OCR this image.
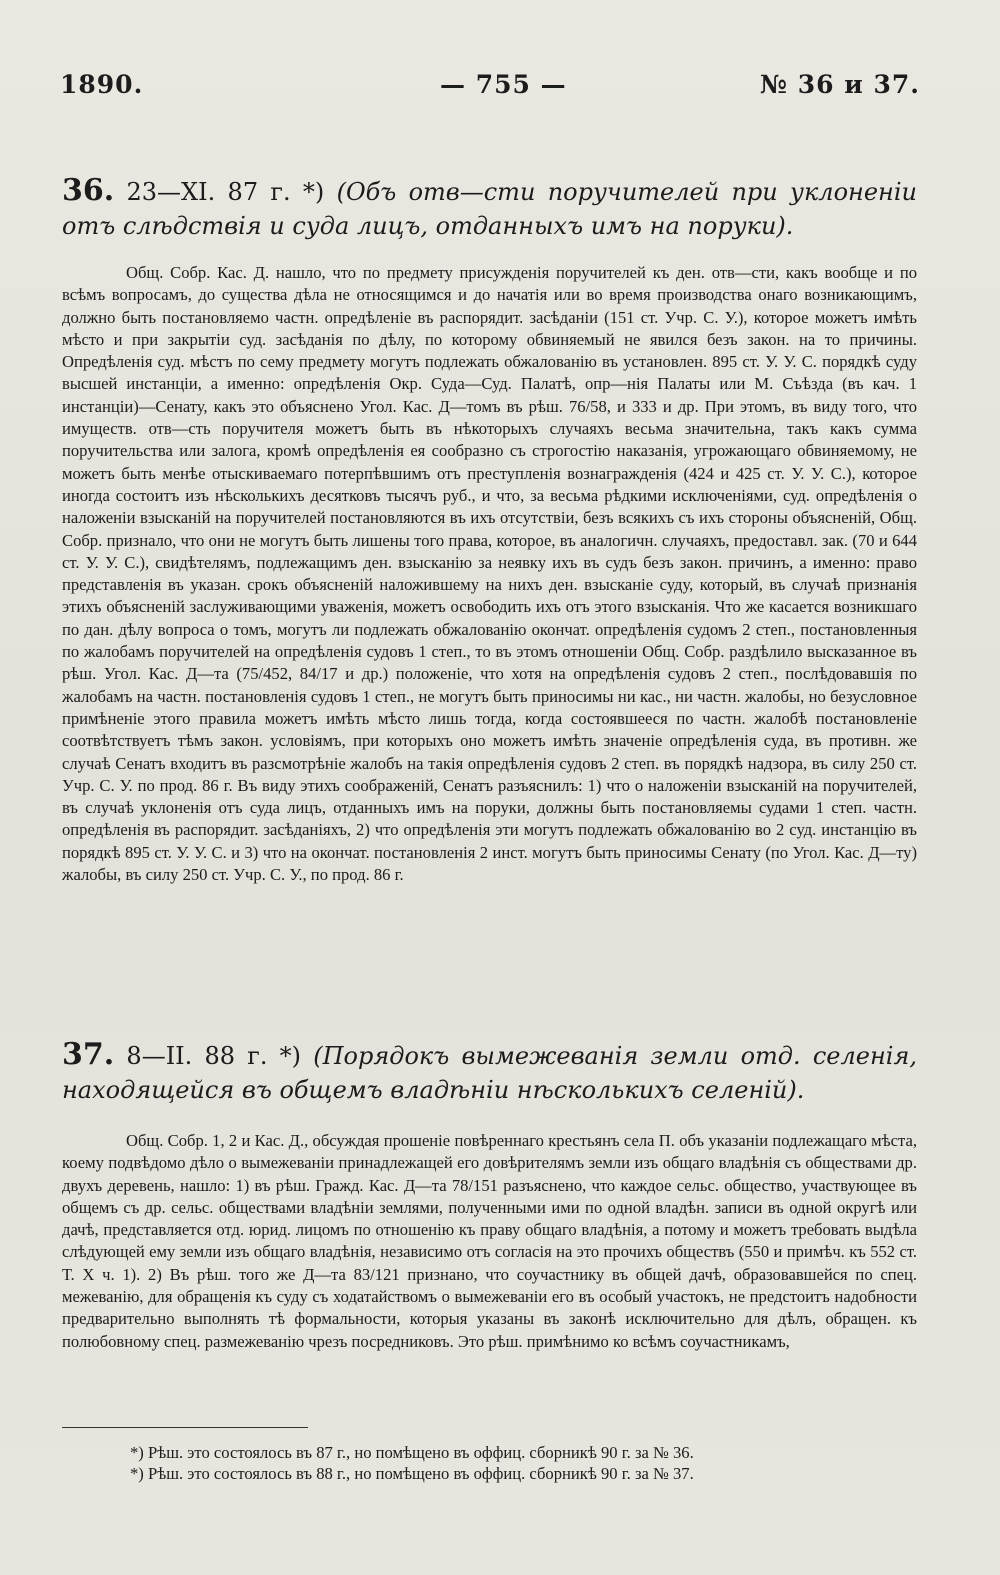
1890.	— 755 —	№ 36 и 37.
36. 23—XI. 87 г. *) (Объ отв—сти поручителей при уклоненіи отъ слѣдствія и суда лицъ, отданныхъ имъ на поруки).

Общ. Собр. Кас. Д. нашло, что по предмету присужденія поручителей къ ден. отв—сти, какъ вообще и по всѣмъ вопросамъ, до существа дѣла не относящимся и до начатія или во время производства онаго возникающимъ, должно быть постановляемо частн. опредѣленіе въ распорядит. засѣданіи (151 ст. Учр. С. У.), которое можетъ имѣть мѣсто и при закрытіи суд. засѣданія по дѣлу, по которому обвиняемый не явился безъ закон. на то причины. Опредѣленія суд. мѣстъ по сему предмету могутъ подлежать обжалованію въ установлен. 895 ст. У. У. С. порядкѣ суду высшей инстанціи, а именно: опредѣленія Окр. Суда—Суд. Палатѣ, опр—нія Палаты или М. Съѣзда (въ кач. 1 инстанціи)—Сенату, какъ это объяснено Угол. Кас. Д—томъ въ рѣш. 76/58, и 333 и др. При этомъ, въ виду того, что имуществ. отв—сть поручителя можетъ быть въ нѣкоторыхъ случаяхъ весьма значительна, такъ какъ сумма поручительства или залога, кромѣ опредѣленія ея сообразно съ строгостію наказанія, угрожающаго обвиняемому, не можетъ быть менѣе отыскиваемаго потерпѣвшимъ отъ преступленія вознагражденія (424 и 425 ст. У. У. С.), которое иногда состоитъ изъ нѣсколькихъ десятковъ тысячъ руб., и что, за весьма рѣдкими исключеніями, суд. опредѣленія о наложеніи взысканій на поручителей постановляются въ ихъ отсутствіи, безъ всякихъ съ ихъ стороны объясненій, Общ. Собр. признало, что они не могутъ быть лишены того права, которое, въ аналогичн. случаяхъ, предоставл. зак. (70 и 644 ст. У. У. С.), свидѣтелямъ, подлежащимъ ден. взысканію за неявку ихъ въ судъ безъ закон. причинъ, а именно: право представленія въ указан. срокъ объясненій наложившему на нихъ ден. взысканіе суду, который, въ случаѣ признанія этихъ объясненій заслуживающими уваженія, можетъ освободить ихъ отъ этого взысканія. Что же касается возникшаго по дан. дѣлу вопроса о томъ, могутъ ли подлежать обжалованію окончат. опредѣленія судомъ 2 степ., постановленныя по жалобамъ поручителей на опредѣленія судовъ 1 степ., то въ этомъ отношеніи Общ. Собр. раздѣлило высказанное въ рѣш. Угол. Кас. Д—та (75/452, 84/17 и др.) положеніе, что хотя на опредѣленія судовъ 2 степ., послѣдовавшія по жалобамъ на частн. постановленія судовъ 1 степ., не могутъ быть приносимы ни кас., ни частн. жалобы, но безусловное примѣненіе этого правила можетъ имѣть мѣсто лишь тогда, когда состоявшееся по частн. жалобѣ постановленіе соотвѣтствуетъ тѣмъ закон. условіямъ, при которыхъ оно можетъ имѣть значеніе опредѣленія суда, въ противн. же случаѣ Сенатъ входитъ въ разсмотрѣніе жалобъ на такія опредѣленія судовъ 2 степ. въ порядкѣ надзора, въ силу 250 ст. Учр. С. У. по прод. 86 г. Въ виду этихъ соображеній, Сенатъ разъяснилъ: 1) что о наложеніи взысканій на поручителей, въ случаѣ уклоненія отъ суда лицъ, отданныхъ имъ на поруки, должны быть постановляемы судами 1 степ. частн. опредѣленія въ распорядит. засѣданіяхъ, 2) что опредѣленія эти могутъ подлежать обжалованію во 2 суд. инстанцію въ порядкѣ 895 ст. У. У. С. и 3) что на окончат. постановленія 2 инст. могутъ быть приносимы Сенату (по Угол. Кас. Д—ту) жалобы, въ силу 250 ст. Учр. С. У., по прод. 86 г.

37. 8—II. 88 г. *) (Порядокъ вымежеванія земли отд. селенія, находящейся въ общемъ владѣніи нѣсколькихъ селеній).

Общ. Собр. 1, 2 и Кас. Д., обсуждая прошеніе повѣреннаго крестьянъ села П. объ указаніи подлежащаго мѣста, коему подвѣдомо дѣло о вымежеваніи принадлежащей его довѣрителямъ земли изъ общаго владѣнія съ обществами др. двухъ деревень, нашло: 1) въ рѣш. Гражд. Кас. Д—та 78/151 разъяснено, что каждое сельс. общество, участвующее въ общемъ съ др. сельс. обществами владѣніи землями, полученными ими по одной владѣн. записи въ одной округѣ или дачѣ, представляется отд. юрид. лицомъ по отношенію къ праву общаго владѣнія, а потому и можетъ требовать выдѣла слѣдующей ему земли изъ общаго владѣнія, независимо отъ согласія на это прочихъ обществъ (550 и примѣч. къ 552 ст. Т. X ч. 1). 2) Въ рѣш. того же Д—та 83/121 признано, что соучастнику въ общей дачѣ, образовавшейся по спец. межеванію, для обращенія къ суду съ ходатайствомъ о вымежеваніи его въ особый участокъ, не предстоитъ надобности предварительно выполнять тѣ формальности, которыя указаны въ законѣ исключительно для дѣлъ, обращен. къ полюбовному спец. размежеванію чрезъ посредниковъ. Это рѣш. примѣнимо ко всѣмъ соучастникамъ,

*) Рѣш. это состоялось въ 87 г., но помѣщено въ оффиц. сборникѣ 90 г. за № 36.
*) Рѣш. это состоялось въ 88 г., но помѣщено въ оффиц. сборникѣ 90 г. за № 37.
